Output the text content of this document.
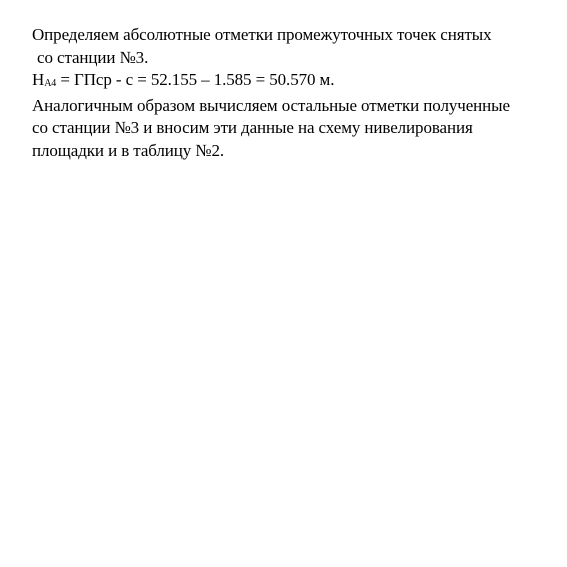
Определяем абсолютные отметки промежуточных точек снятых
со станции №3.
НА4 = ГПср - с = 52.155 – 1.585 = 50.570 м.
Аналогичным образом вычисляем остальные отметки полученные
со станции №3 и вносим эти данные на схему нивелирования
площадки и в таблицу №2.
